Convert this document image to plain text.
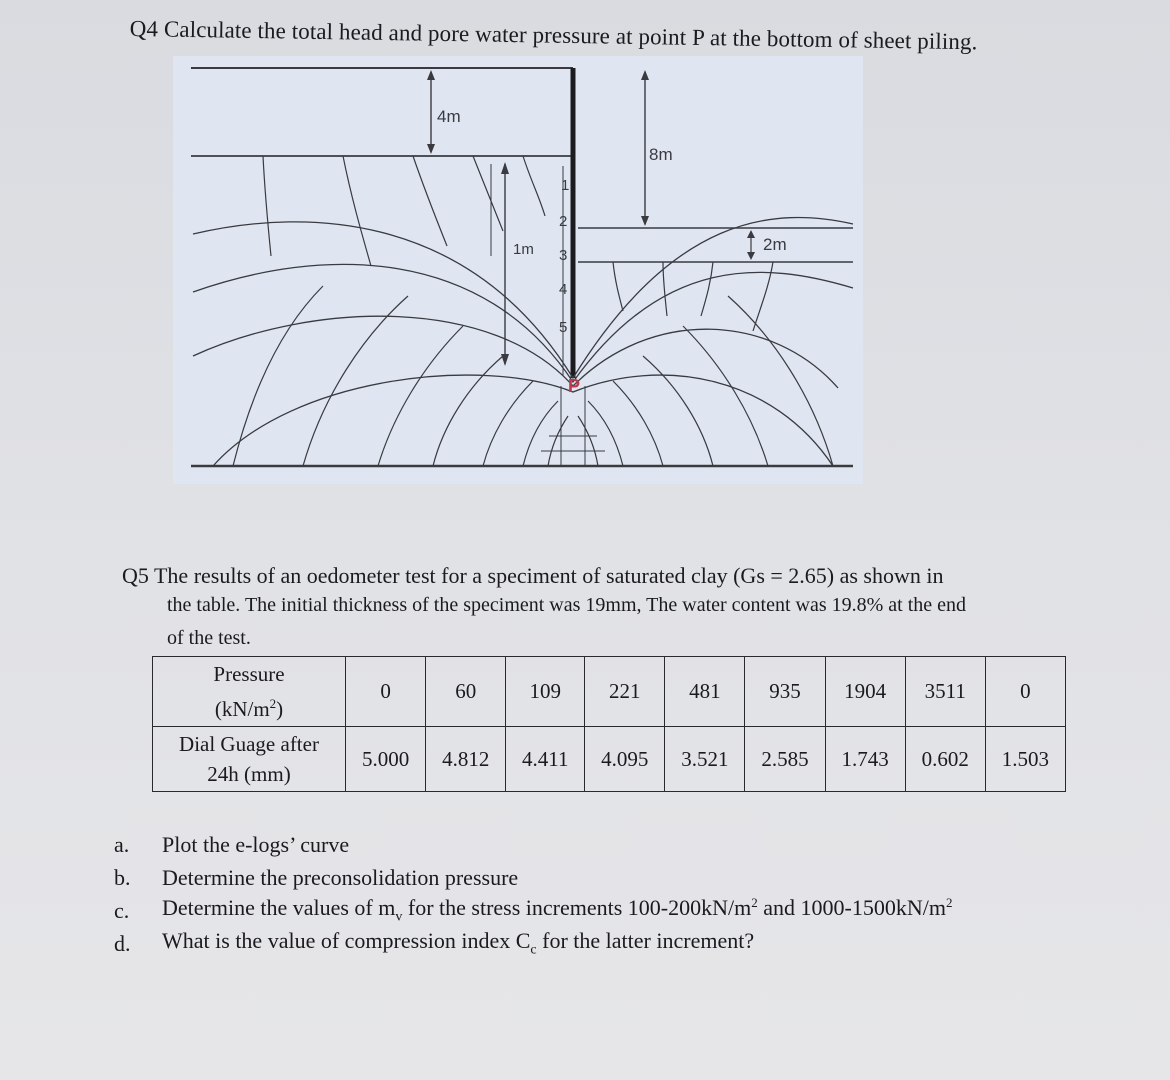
Q4 Calculate the total head and pore water pressure at point P at the bottom of sheet piling.
4m
8m
2m
1m
1
2
3
4
5
P
Q5 The results of an oedometer test for a speciment of saturated clay (Gs = 2.65) as shown in
the table. The initial thickness of the speciment was 19mm, The water content was 19.8% at the end
of the test.
Pressure
$(kN/m^2)$	0	60	109	221	481	935	1904	3511	0
Dial Guage after
24h (mm)	5.000	4.812	4.411	4.095	3.521	2.585	1.743	0.602	1.503
a.	Plot the e-logs’ curve
b.	Determine the preconsolidation pressure
c.	Determine the values of $m_v$ for the stress increments $100-200kN/m^2$ and $1000-1500kN/m^2$
d.	What is the value of compression index $C_c$ for the latter increment?
